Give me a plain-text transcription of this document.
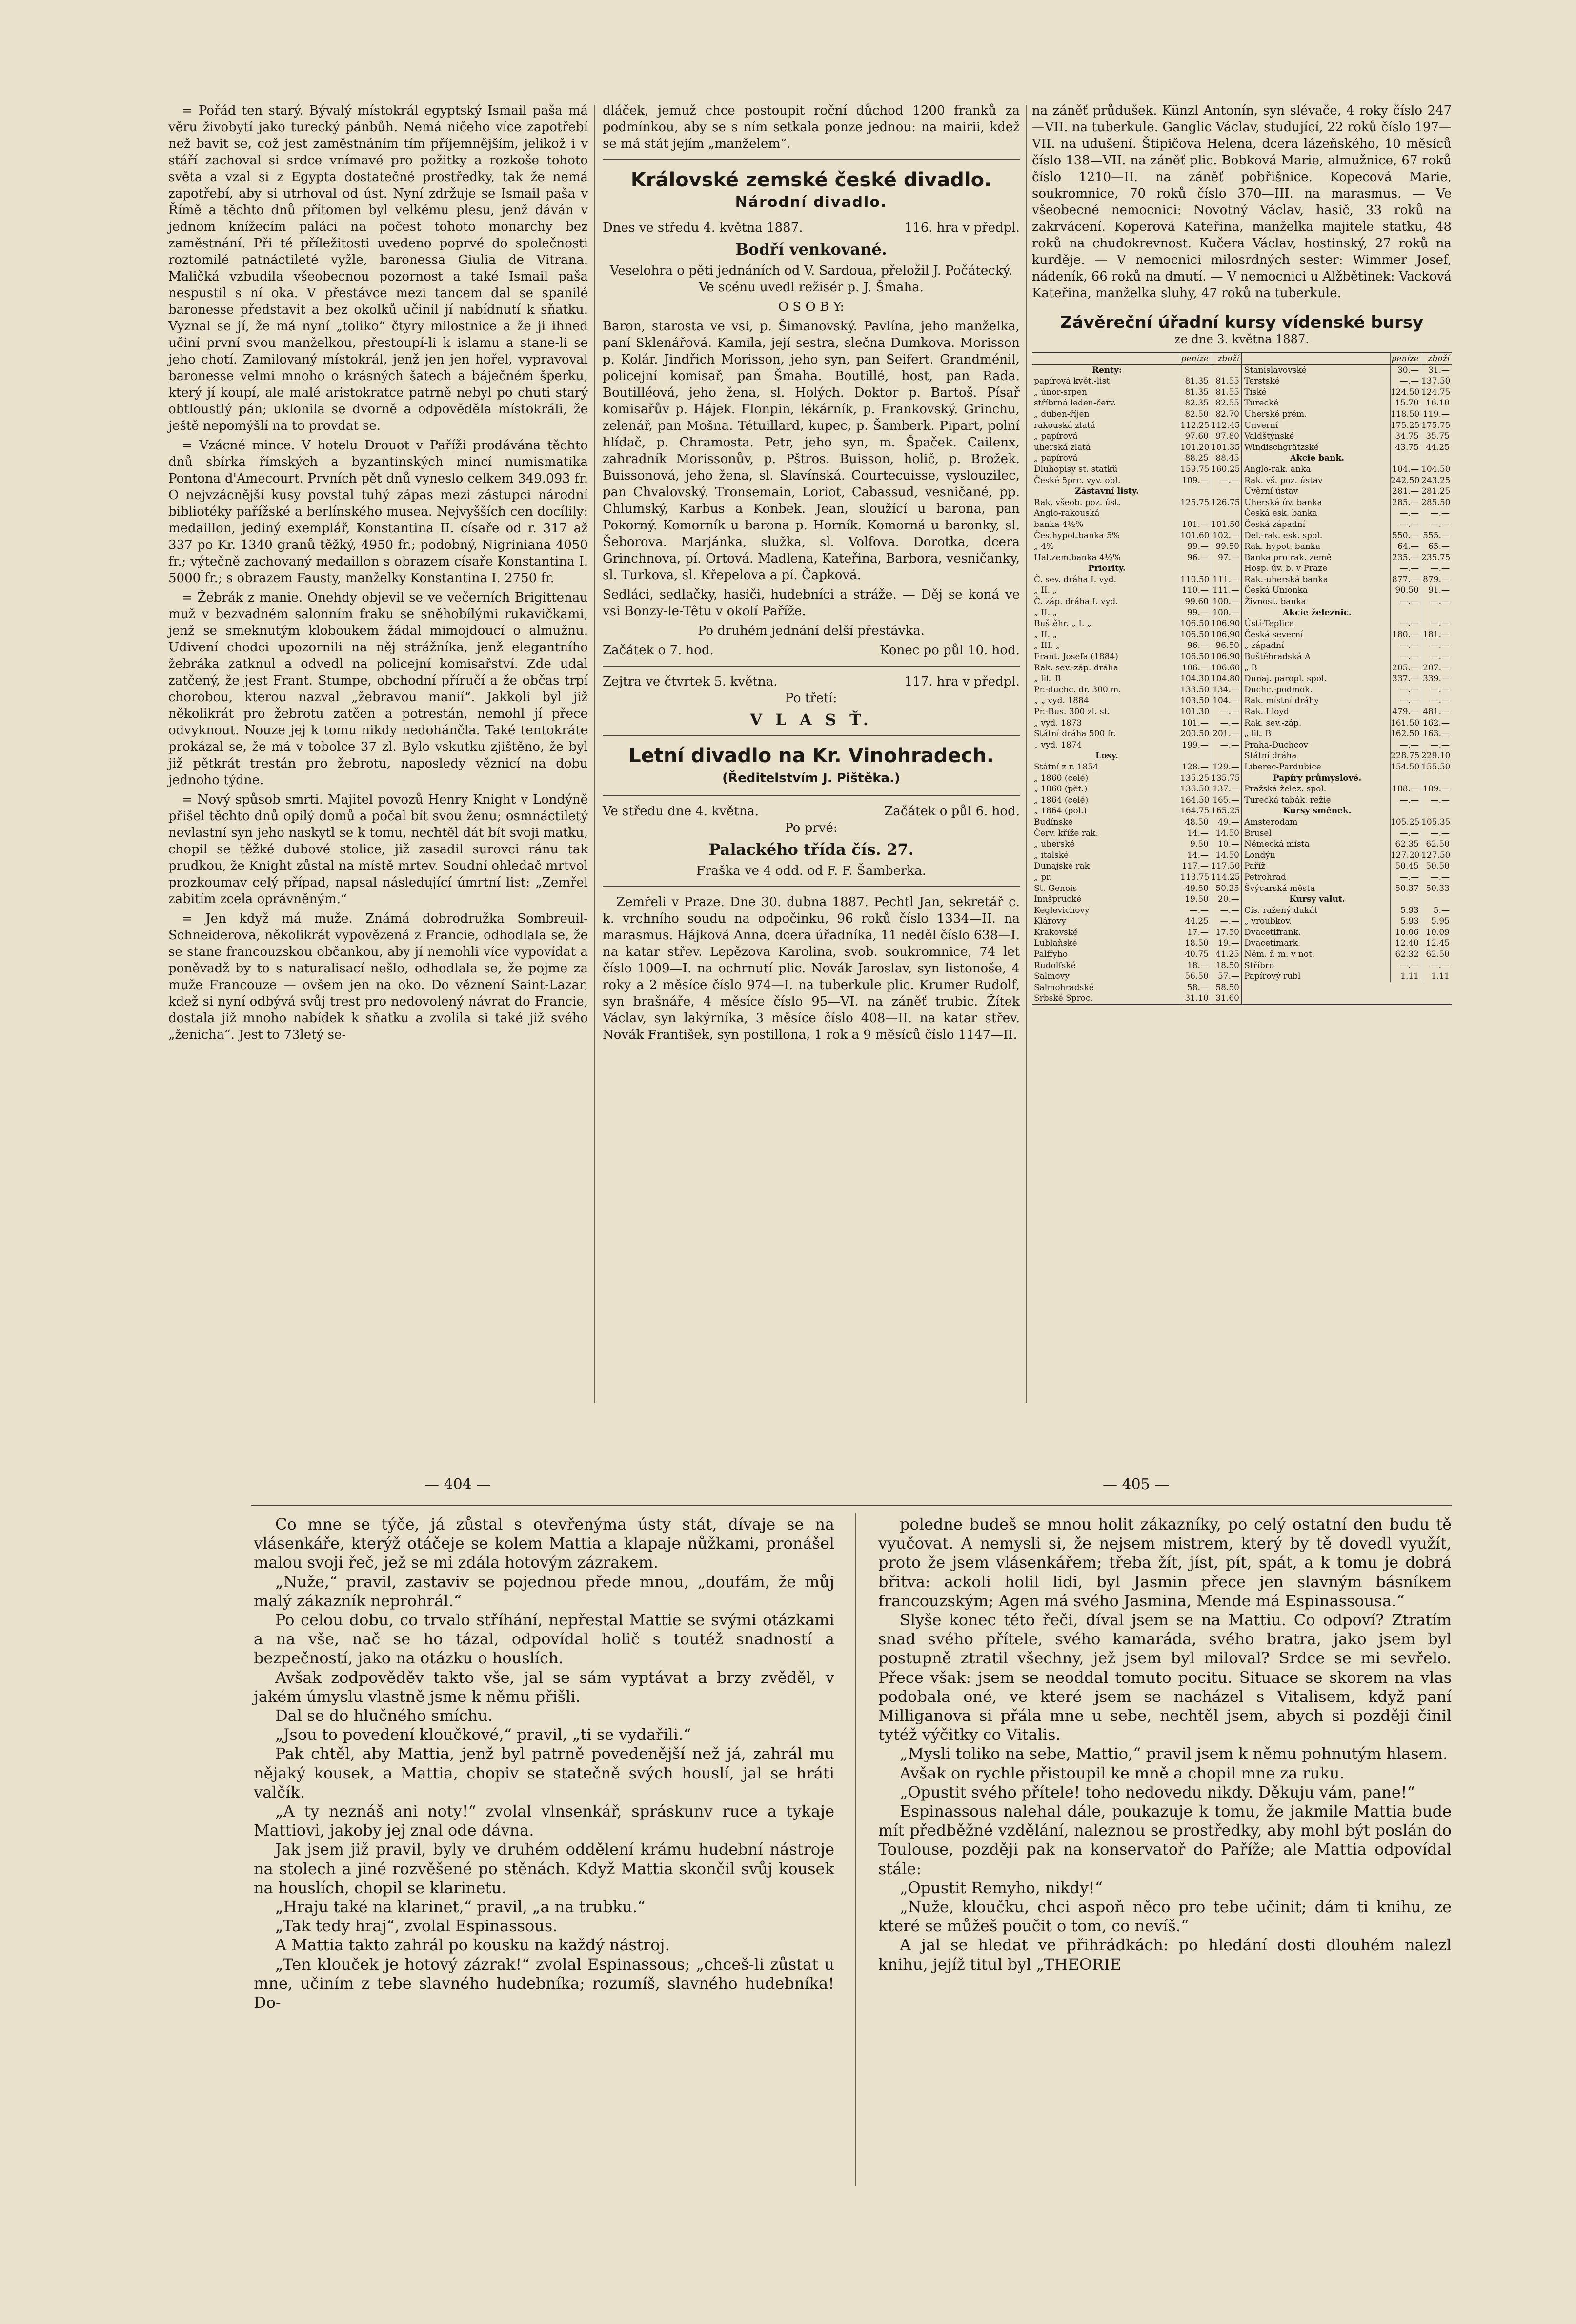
= Pořád ten starý. Bývalý místokrál egyptský Ismail paša má věru živobytí jako turecký pánbůh. Nemá ničeho více zapotřebí než bavit se, což jest zaměstnáním tím příjemnějším, jelikož i v stáří zachoval si srdce vnímavé pro požitky a rozkoše tohoto světa a vzal si z Egypta dostatečné prostředky, tak že nemá zapotřebí, aby si utrhoval od úst. Nyní zdržuje se Ismail paša v Římě a těchto dnů přítomen byl velkému plesu, jenž dáván v jednom knížecím paláci na počest tohoto monarchy bez zaměstnání. Při té příležitosti uvedeno poprvé do společnosti roztomilé patnáctileté vyžle, baronessa Giulia de Vitrana. Maličká vzbudila všeobecnou pozornost a také Ismail paša nespustil s ní oka. V přestávce mezi tancem dal se spanilé baronesse představit a bez okolků učinil jí nabídnutí k sňatku. Vyznal se jí, že má nyní „toliko“ čtyry milostnice a že ji ihned učiní první svou manželkou, přestoupí-li k islamu a stane-li se jeho chotí. Zamilovaný místokrál, jenž jen jen hořel, vypravoval baronesse velmi mnoho o krásných šatech a báječném šperku, který jí koupí, ale malé aristokratce patrně nebyl po chuti starý obtloustlý pán; uklonila se dvorně a odpověděla místokráli, že ještě nepomýšlí na to provdat se.

= Vzácné mince. V hotelu Drouot v Paříži prodávána těchto dnů sbírka římských a byzantinských mincí numismatika Pontona d'Amecourt. Prvních pět dnů vyneslo celkem 349.093 fr. O nejvzácnější kusy povstal tuhý zápas mezi zástupci národní bibliotéky pařížské a berlínského musea. Nejvyšších cen docílily: medaillon, jediný exemplář, Konstantina II. císaře od r. 317 až 337 po Kr. 1340 granů těžký, 4950 fr.; podobný, Nigriniana 4050 fr.; výtečně zachovaný medaillon s obrazem císaře Konstantina I. 5000 fr.; s obrazem Fausty, manželky Konstantina I. 2750 fr.

= Žebrák z manie. Onehdy objevil se ve večerních Brigittenau muž v bezvadném salonním fraku se sněhobílými rukavičkami, jenž se smeknutým kloboukem žádal mimojdoucí o almužnu. Udivení chodci upozornili na něj strážníka, jenž elegantního žebráka zatknul a odvedl na policejní komisařství. Zde udal zatčený, že jest Frant. Stumpe, obchodní příručí a že občas trpí chorobou, kterou nazval „žebravou manií“. Jakkoli byl již několikrát pro žebrotu zatčen a potrestán, nemohl jí přece odvyknout. Nouze jej k tomu nikdy nedohánčla. Také tentokráte prokázal se, že má v tobolce 37 zl. Bylo vskutku zjištěno, že byl již pětkrát trestán pro žebrotu, naposledy věznicí na dobu jednoho týdne.

= Nový spůsob smrti. Majitel povozů Henry Knight v Londýně přišel těchto dnů opilý domů a počal bít svou ženu; osmnáctiletý nevlastní syn jeho naskytl se k tomu, nechtěl dát bít svoji matku, chopil se těžké dubové stolice, již zasadil surovci ránu tak prudkou, že Knight zůstal na místě mrtev. Soudní ohledač mrtvol prozkoumav celý případ, napsal následující úmrtní list: „Zemřel zabitím zcela oprávněným.“

= Jen když má muže. Známá dobrodružka Sombreuil-Schneiderova, několikrát vypovězená z Francie, odhodlala se, že se stane francouzskou občankou, aby jí nemohli více vypovídat a poněvadž by to s naturalisací nešlo, odhodlala se, že pojme za muže Francouze — ovšem jen na oko. Do věznení Saint-Lazar, kdež si nyní odbývá svůj trest pro nedovolený návrat do Francie, dostala již mnoho nabídek k sňatku a zvolila si také již svého „ženicha“. Jest to 73letý se-

dláček, jemuž chce postoupit roční důchod 1200 franků za podmínkou, aby se s ním setkala ponze jednou: na mairii, kdež se má stát jejím „manželem“.

Královské zemské české divadlo.
Národní divadlo.
Dnes ve středu 4. května 1887.	116. hra v předpl.
Bodří venkované.

Veselohra o pěti jednáních od V. Sardoua, přeložil J. Počátecký. Ve scénu uvedl režisér p. J. Šmaha.

O S O B Y:

Baron, starosta ve vsi, p. Šimanovský. Pavlína, jeho manželka, paní Sklenářová. Kamila, její sestra, slečna Dumkova. Morisson p. Kolár. Jindřich Morisson, jeho syn, pan Seifert. Grandménil, policejní komisař, pan Šmaha. Boutillé, host, pan Rada. Boutilléová, jeho žena, sl. Holých. Doktor p. Bartoš. Písař komisařův p. Hájek. Flonpin, lékárník, p. Frankovský. Grinchu, zelenář, pan Mošna. Tétuillard, kupec, p. Šamberk. Pipart, polní hlídač, p. Chramosta. Petr, jeho syn, m. Špaček. Cailenx, zahradník Morissonův, p. Pštros. Buisson, holič, p. Brožek. Buissonová, jeho žena, sl. Slavínská. Courtecuisse, vyslouzilec, pan Chvalovský. Tronsemain, Loriot, Cabassud, vesničané, pp. Chlumský, Karbus a Konbek. Jean, sloužící u barona, pan Pokorný. Komorník u barona p. Horník. Komorná u baronky, sl. Šeborova. Marjánka, služka, sl. Volfova. Dorotka, dcera Grinchnova, pí. Ortová. Madlena, Kateřina, Barbora, vesničanky, sl. Turkova, sl. Křepelova a pí. Čapková.

Sedláci, sedlačky, hasiči, hudebníci a stráže. — Děj se koná ve vsi Bonzy-le-Têtu v okolí Paříže.

Po druhém jednání delší přestávka.

Začátek o 7. hod.	Konec po půl 10. hod.
Zejtra ve čtvrtek 5. května.	117. hra v předpl.

Po třetí:

V L A S Ť.
Letní divadlo na Kr. Vinohradech.
(Ředitelstvím J. Pištěka.)
Ve středu dne 4. května.	Začátek o půl 6. hod.

Po prvé:

Palackého třída čís. 27.

Fraška ve 4 odd. od F. F. Šamberka.

Zemřeli v Praze. Dne 30. dubna 1887. Pechtl Jan, sekretář c. k. vrchního soudu na odpočinku, 96 roků číslo 1334—II. na marasmus. Hájková Anna, dcera úřadníka, 11 neděl číslo 638—I. na katar střev. Lepězova Karolina, svob. soukromnice, 74 let číslo 1009—I. na ochrnutí plic. Novák Jaroslav, syn listonoše, 4 roky a 2 měsíce číslo 974—I. na tuberkule plic. Krumer Rudolf, syn brašnáře, 4 měsíce číslo 95—VI. na záněť trubic. Žítek Václav, syn lakýrníka, 3 měsíce číslo 408—II. na katar střev. Novák František, syn postillona, 1 rok a 9 měsíců číslo 1147—II.

na záněť průdušek. Künzl Antonín, syn slévače, 4 roky číslo 247—VII. na tuberkule. Ganglic Václav, studující, 22 roků číslo 197—VII. na udušení. Štipičova Helena, dcera lázeňského, 10 měsíců číslo 138—VII. na záněť plic. Bobková Marie, almužnice, 67 roků číslo 1210—II. na záněť pobřišnice. Kopecová Marie, soukromnice, 70 roků číslo 370—III. na marasmus. — Ve všeobecné nemocnici: Novotný Václav, hasič, 33 roků na zakrvácení. Koperová Kateřina, manželka majitele statku, 48 roků na chudokrevnost. Kučera Václav, hostinský, 27 roků na kurděje. — V nemocnici milosrdných sester: Wimmer Josef, nádeník, 66 roků na dmutí. — V nemocnici u Alžbětinek: Vacková Kateřina, manželka sluhy, 47 roků na tuberkule.

Závěreční úřadní kursy vídenské bursy
ze dne 3. května 1887.
peníze	zboží
Renty:
papírová květ.-list.	81.35 81.55
„ únor-srpen	81.35 81.55
stříbrná leden-červ.	82.35 82.55
„ duben-říjen	82.50 82.70
rakouská zlatá	112.25 112.45
„ papírová	97.60 97.80
uherská zlatá	101.20 101.35
„ papírová	88.25 88.45
Dluhopisy st. statků	159.75 160.25
České 5prc. vyv. obl.	109.—	—.—
Zástavní listy.
Rak. všeob. poz. úst.	125.75 126.75
Anglo-rakouská
banka 4½%	101.— 101.50
Čes.hypot.banka 5%	101.60 102.—
„ 4%	99.— 99.50
Hal.zem.banka 4½%	96.—	97.—
Priority.
Č. sev. dráha I. vyd.	110.50 111.—
„ II. „	110.— 111.—
Č. záp. dráha I. vyd.	99.60 100.—
„ II. „	99.— 100.—
Buštěhr. „ I. „	106.50 106.90
„ II. „	106.50 106.90
„ III. „	96.— 96.50
Frant. Josefa (1884)	106.50 106.90
Rak. sev.-záp. dráha	106.— 106.60
„ lit. B	104.30 104.80
Pr.-duchc. dr. 300 m.	133.50 134.—
„ „ vyd. 1884	103.50 104.—
Pr.-Bus. 300 zl. st.	101.30	—.—
„ vyd. 1873	101.—	—.—
Státní dráha 500 fr.	200.50 201.—
„ vyd. 1874	199.—	—.—
Losy.
Státní z r. 1854	128.— 129.—
„ 1860 (celé)	135.25 135.75
„ 1860 (pět.)	136.50 137.—
„ 1864 (celé)	164.50 165.—
„ 1864 (pol.)	164.75 165.25
Budínské	48.50	49.—
Červ. kříže rak.	14.— 14.50
„ uherské	9.50	10.—
„ italské	14.— 14.50
Dunajské rak.	117.— 117.50
„ pr.	113.75 114.25
St. Genois	49.50 50.25
Innšprucké	19.50	20.—
Keglevichovy	—.—	—.—
Klárovy	44.25	—.—
Krakovské	17.— 17.50
Lublaňské	18.50	19.—
Palffyho	40.75 41.25
Rudolfské	18.— 18.50
Salmovy	56.50	57.—
Salmohradské	58.— 58.50
Srbské Sproc.	31.10 31.60
peníze	zboží
Stanislavovské	30.—	31.—
Terstské	—.— 137.50
Tiské	124.50 124.75
Turecké	15.70 16.10
Uherské prém.	118.50 119.—
Unverní	175.25 175.75
Valdštýnské	34.75 35.75
Windischgrätzské	43.75 44.25
Akcie bank.
Anglo-rak. anka	104.— 104.50
Rak. vš. poz. ústav	242.50 243.25
Úvěrní ústav	281.— 281.25
Uherská úv. banka	285.— 285.50
Česká esk. banka	—.—	—.—
Česká západní	—.—	—.—
Del.-rak. esk. spol.	550.— 555.—
Rak. hypot. banka	64.—	65.—
Banka pro rak. země	235.— 235.75
Hosp. úv. b. v Praze	—.—	—.—
Rak.-uherská banka	877.— 879.—
Česká Unionka	90.50	91.—
Živnost. banka	—.—	—.—
Akcie železnic.
Ústí-Teplice	—.—	—.—
Česká severní	180.— 181.—
„ západní	—.—	—.—
Buštěhradská A	—.—	—.—
„ B	205.— 207.—
Dunaj. paropl. spol.	337.— 339.—
Duchc.-podmok.	—.—	—.—
Rak. místní dráhy	—.—	—.—
Rak. Lloyd	479.— 481.—
Rak. sev.-záp.	161.50 162.—
„ lit. B	162.50 163.—
Praha-Duchcov	—.—	—.—
Státní dráha	228.75 229.10
Liberec-Pardubice	154.50 155.50
Papíry průmyslové.
Pražská želez. spol.	188.— 189.—
Turecká tabák. režie	—.—	—.—
Kursy směnek.
Amsterodam	105.25 105.35
Brusel	—.—	—.—
Německá místa	62.35 62.50
Londýn	127.20 127.50
Paříž	50.45 50.50
Petrohrad	—.—	—.—
Švýcarská města	50.37 50.33
Kursy valut.
Cís. ražený dukát	5.93	5.—
„ vroubkov.	5.93	5.95
Dvacetifrank.	10.06 10.09
Dvacetimark.	12.40 12.45
Něm. ř. m. v not.	62.32 62.50
Stříbro	—.—	—.—
Papírový rubl	1.11	1.11
— 404 —	— 405 —

Co mne se týče, já zůstal s otevřenýma ústy stát, dívaje se na vlásenkáře, kterýž otáčeje se kolem Mattia a klapaje nůžkami, pronášel malou svoji řeč, jež se mi zdála hotovým zázrakem.

„Nuže,“ pravil, zastaviv se pojednou přede mnou, „doufám, že můj malý zákazník neprohrál.“

Po celou dobu, co trvalo stříhání, nepřestal Mattie se svými otázkami a na vše, nač se ho tázal, odpovídal holič s toutéž snadností a bezpečností, jako na otázku o houslích.

Avšak zodpověděv takto vše, jal se sám vyptávat a brzy zvěděl, v jakém úmyslu vlastně jsme k němu přišli.

Dal se do hlučného smíchu.

„Jsou to povedení kloučkové,“ pravil, „ti se vydařili.“

Pak chtěl, aby Mattia, jenž byl patrně povedenější než já, zahrál mu nějaký kousek, a Mattia, chopiv se statečně svých houslí, jal se hráti valčík.

„A ty neznáš ani noty!“ zvolal vlnsenkář, spráskunv ruce a tykaje Mattiovi, jakoby jej znal ode dávna.

Jak jsem již pravil, byly ve druhém oddělení krámu hudební nástroje na stolech a jiné rozvěšené po stěnách. Když Mattia skončil svůj kousek na houslích, chopil se klarinetu.

„Hraju také na klarinet,“ pravil, „a na trubku.“

„Tak tedy hraj“, zvolal Espinassous.

A Mattia takto zahrál po kousku na každý nástroj.

„Ten klouček je hotový zázrak!“ zvolal Espinassous; „chceš-li zůstat u mne, učiním z tebe slavného hudebníka; rozumíš, slavného hudebníka! Do-

poledne budeš se mnou holit zákazníky, po celý ostatní den budu tě vyučovat. A nemysli si, že nejsem mistrem, který by tě dovedl využít, proto že jsem vlásenkářem; třeba žít, jíst, pít, spát, a k tomu je dobrá břitva: ackoli holil lidi, byl Jasmin přece jen slavným básníkem francouzským; Agen má svého Jasmina, Mende má Espinassousa.“

Slyše konec této řeči, díval jsem se na Mattiu. Co odpoví? Ztratím snad svého přítele, svého kamaráda, svého bratra, jako jsem byl postupně ztratil všechny, jež jsem byl miloval? Srdce se mi sevřelo. Přece však: jsem se neoddal tomuto pocitu. Situace se skorem na vlas podobala oné, ve které jsem se nacházel s Vitalisem, když paní Milliganova si přála mne u sebe, nechtěl jsem, abych si později činil tytéž výčitky co Vitalis.

„Mysli toliko na sebe, Mattio,“ pravil jsem k němu pohnutým hlasem.

Avšak on rychle přistoupil ke mně a chopil mne za ruku.

„Opustit svého přítele! toho nedovedu nikdy. Děkuju vám, pane!“

Espinassous nalehal dále, poukazuje k tomu, že jakmile Mattia bude mít předběžné vzdělání, naleznou se prostředky, aby mohl být poslán do Toulouse, později pak na konservatoř do Paříže; ale Mattia odpovídal stále:

„Opustit Remyho, nikdy!“

„Nuže, kloučku, chci aspoň něco pro tebe učinit; dám ti knihu, ze které se můžeš poučit o tom, co nevíš.“

A jal se hledat ve přihrádkách: po hledání dosti dlouhém nalezl knihu, jejíž titul byl „THEORIE
